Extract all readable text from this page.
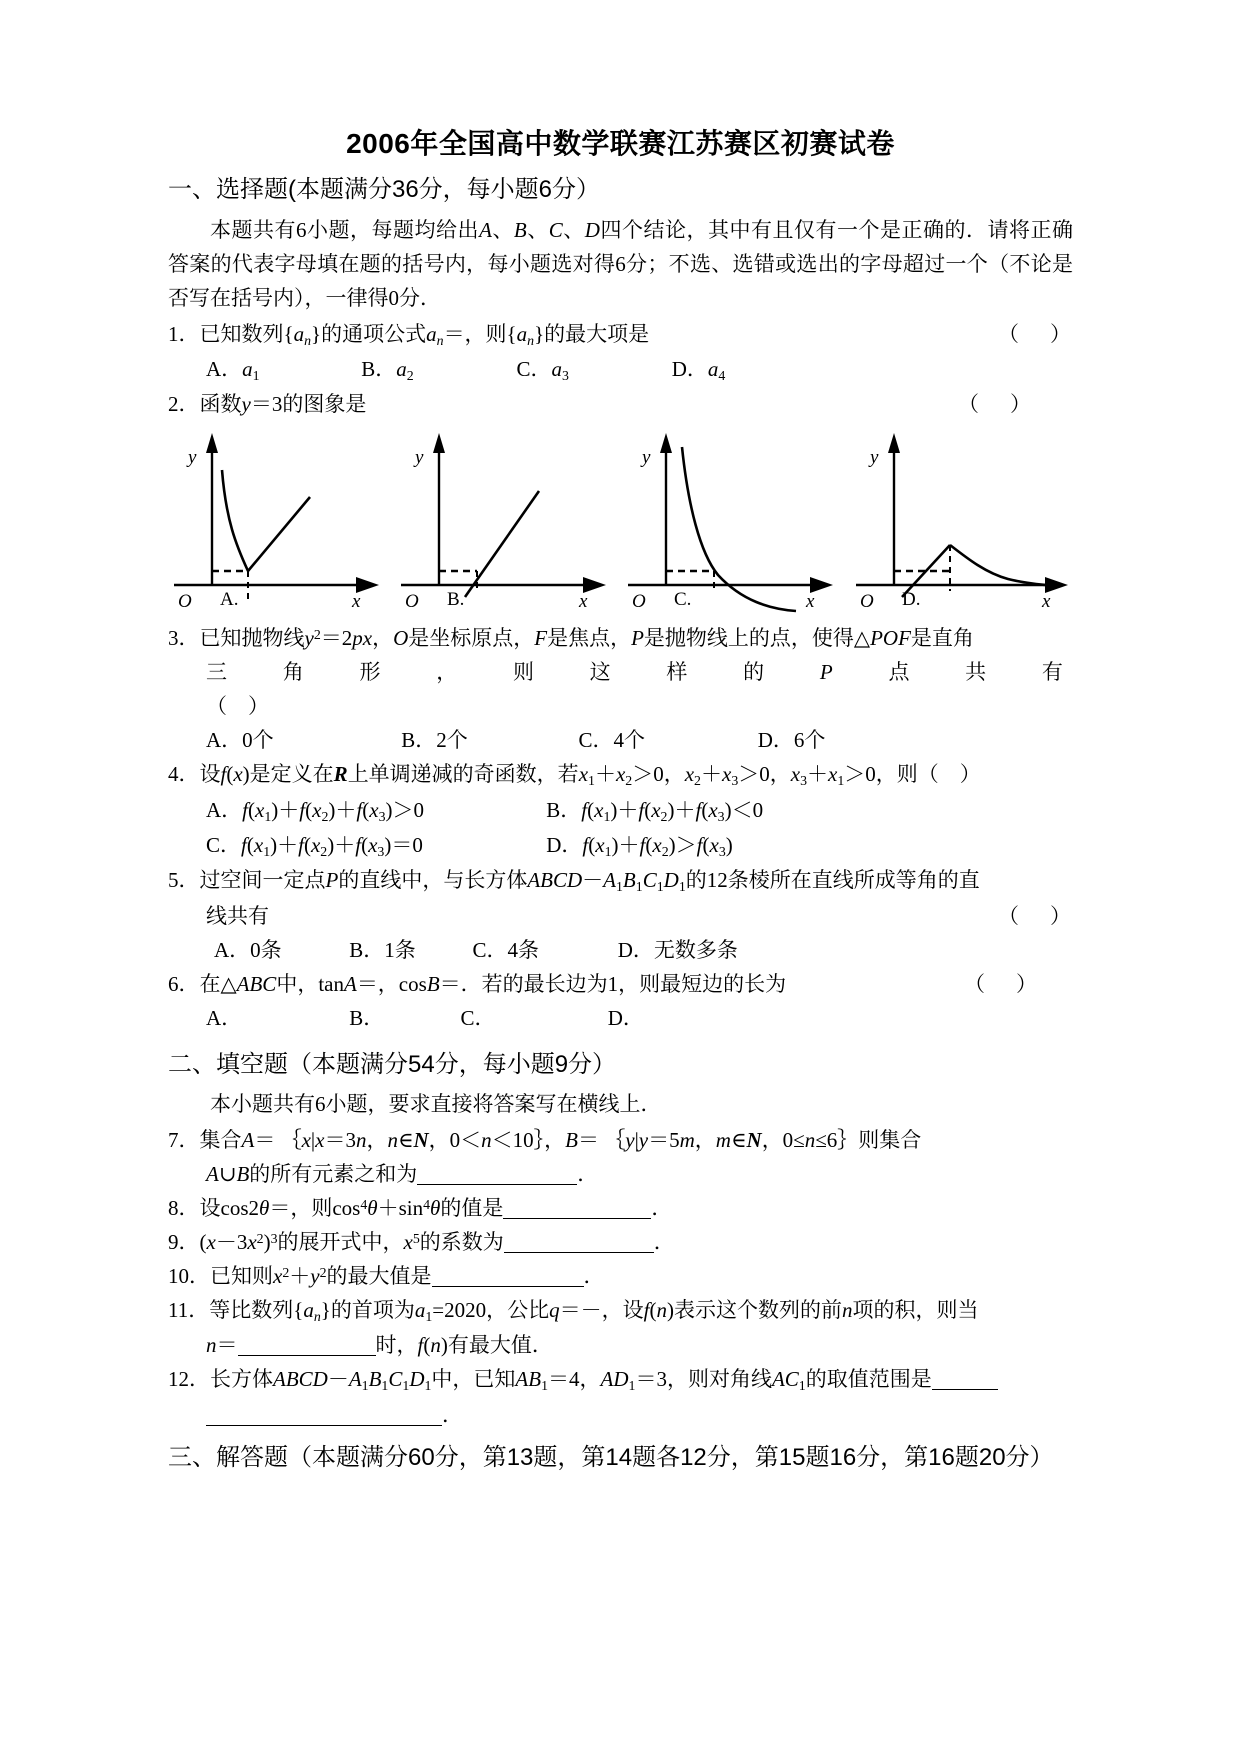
2006年全国高中数学联赛江苏赛区初赛试卷
一、选择题(本题满分36分，每小题6分）
本题共有6小题，每题均给出A、B、C、D四个结论，其中有且仅有一个是正确的．请将正确答案的代表字母填在题的括号内，每小题选对得6分；不选、选错或选出的字母超过一个（不论是否写在括号内），一律得0分．
（    ）
1．已知数列$\{a_n\}$的通项公式$a_n=$，则$\{a_n\}$的最大项是
A．$a_1$	B．$a_2$	C．$a_3$	D．$a_4$
（    ）
2．函数y＝3的图象是
y
x
O A.
y
x
O B.
y
x
O C.
y
x
O D.
3．已知抛物线$y^2=2px$，O是坐标原点，F是焦点，P是抛物线上的点，使得△POF是直角
三	角	形	，	则	这	样	的	P	点	共	有
（    ）
A．0个	B．2个	C．4个	D．6个
4．设f(x)是定义在R上单调递减的奇函数，若$x_1+x_2>0$，$x_2+x_3>0$，$x_3+x_1>0$，则（    ）
A．$f(x_1)+f(x_2)+f(x_3)>0$	B．$f(x_1)+f(x_2)+f(x_3)<0$
C．$f(x_1)+f(x_2)+f(x_3)=0$	D．$f(x_1)+f(x_2)>f(x_3)$
5．过空间一定点P的直线中，与长方体$ABCD-A_1B_1C_1D_1$的12条棱所在直线所成等角的直
（    ）
线共有
A．0条	B．1条	C．4条	D．无数多条
（    ）
6．在△ABC中，tanA＝，cosB＝．若的最长边为1，则最短边的长为
A．	B．	C．	D．
二、填空题（本题满分54分，每小题9分）
本小题共有6小题，要求直接将答案写在横线上．
7．集合A＝ ｛x|x＝3n，n∈N，0＜n＜10｝，B＝ ｛y|y＝5m，m∈N，0≤n≤6｝则集合
A∪B的所有元素之和为	．
8．设cos2θ＝，则$\cos^4\theta+\sin^4\theta$的值是	．
9．$(x-3x^2)^3$的展开式中，$x^5$的系数为	．
10．已知则$x^2+y^2$的最大值是	．
11．等比数列$\{a_n\}$的首项为$a_1=2020$，公比q＝－，设f(n)表示这个数列的前n项的积，则当
n＝	时，f(n)有最大值．
12．长方体$ABCD-A_1B_1C_1D_1$中，已知$AB_1=4$，$AD_1=3$，则对角线$AC_1$的取值范围是
．
三、解答题（本题满分60分，第13题，第14题各12分，第15题16分，第16题20分）
